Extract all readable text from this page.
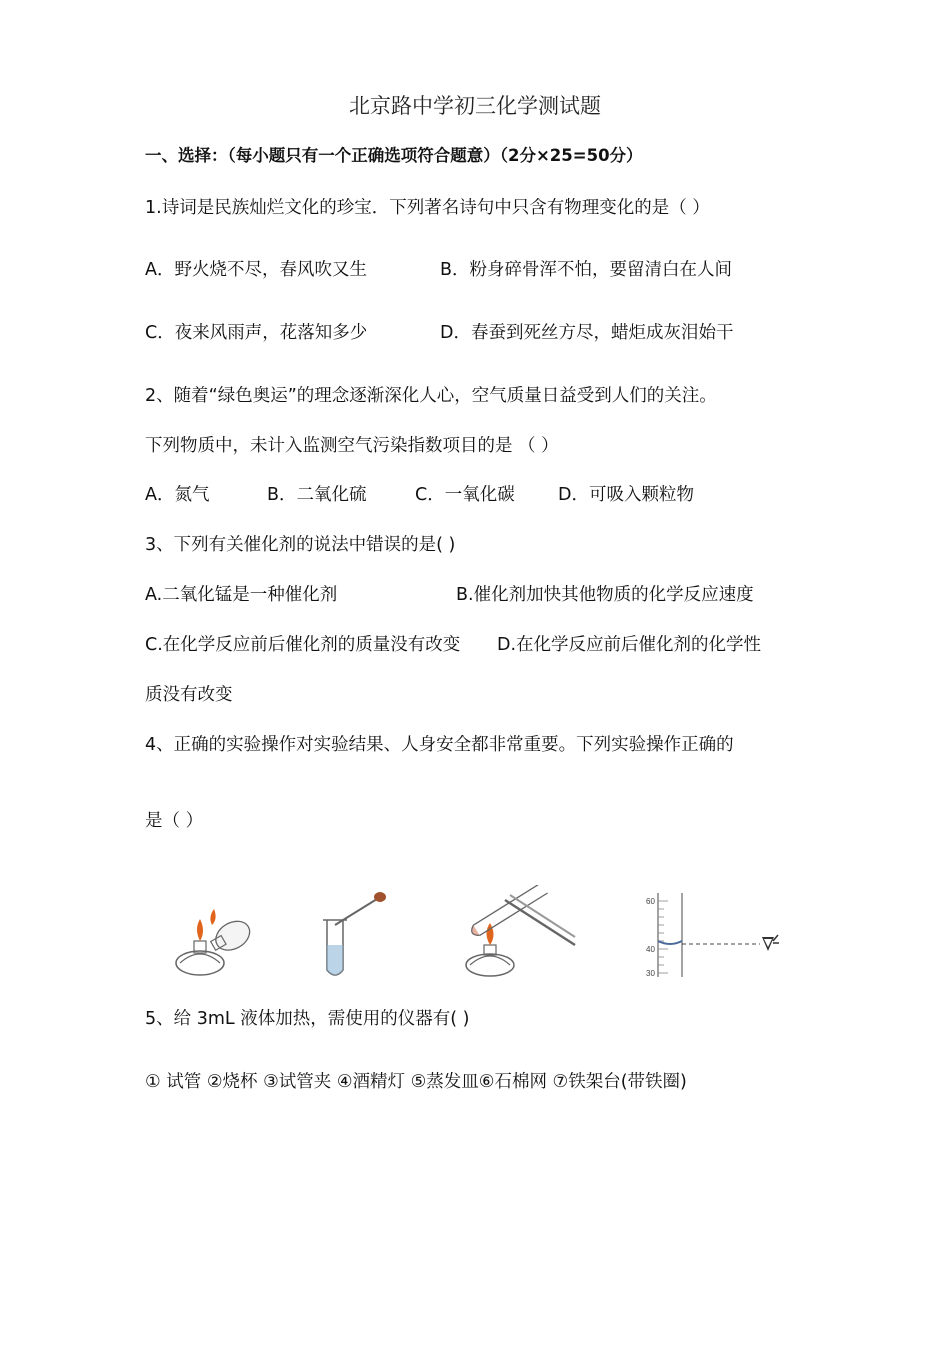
北京路中学初三化学测试题
一、选择：（每小题只有一个正确选项符合题意）（2分×25=50分）
1.诗词是民族灿烂文化的珍宝．下列著名诗句中只含有物理变化的是（ ）
A．野火烧不尽，春风吹又生	B．粉身碎骨浑不怕，要留清白在人间
C．夜来风雨声，花落知多少	D．春蚕到死丝方尽，蜡炬成灰泪始干
2、随着“绿色奥运”的理念逐渐深化人心，空气质量日益受到人们的关注。
下列物质中，未计入监测空气污染指数项目的是 （ ）
A．氮气	B．二氧化硫	C．一氧化碳 D．可吸入颗粒物
3、下列有关催化剂的说法中错误的是( )
A.二氧化锰是一种催化剂	B.催化剂加快其他物质的化学反应速度
C.在化学反应前后催化剂的质量没有改变 D.在化学反应前后催化剂的化学性
质没有改变
4、正确的实验操作对实验结果、人身安全都非常重要。下列实验操作正确的
是（ ）
60
40
30
5、给 3mL 液体加热，需使用的仪器有( )
① 试管 ②烧杯 ③试管夹 ④酒精灯 ⑤蒸发皿⑥石棉网 ⑦铁架台(带铁圈)
